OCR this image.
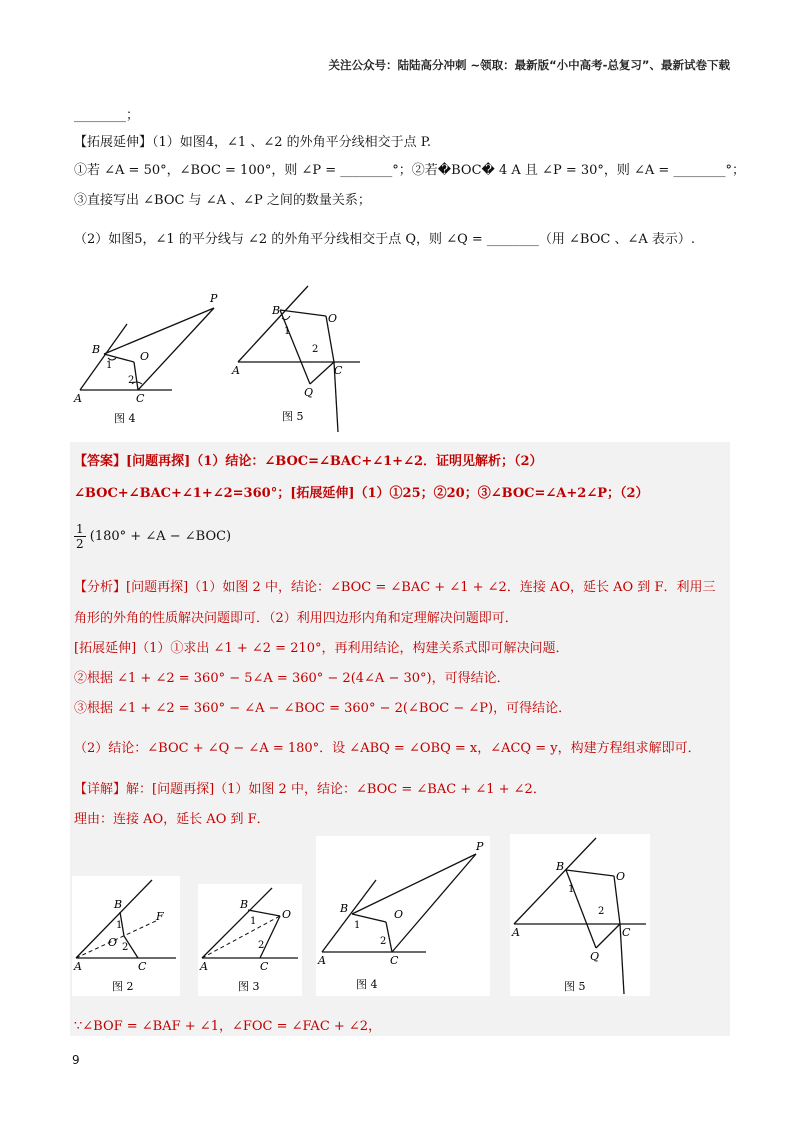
关注公众号：陆陆高分冲刺 ~领取：最新版“小中高考-总复习”、最新试卷下载
________；
【拓展延伸】（1）如图4，∠1 、∠2 的外角平分线相交于点 P.
①若 ∠A = 50°，∠BOC = 100°，则 ∠P = ________°；②若�BOC� 4 A 且 ∠P = 30°，则 ∠A = ________°；
③直接写出 ∠BOC 与 ∠A 、∠P 之间的数量关系；
（2）如图5，∠1 的平分线与 ∠2 的外角平分线相交于点 Q，则 ∠Q = ________（用 ∠BOC 、∠A 表示）.
A
B
C
O
P
1
2
图 4
A
B
C
O
Q
1
2
图 5
【答案】[问题再探]（1）结论：∠BOC=∠BAC+∠1+∠2．证明见解析；（2）
∠BOC+∠BAC+∠1+∠2=360°；[拓展延伸]（1）①25；②20；③∠BOC=∠A+2∠P；（2）
$\frac{1}{2} (180^\circ$ + ∠A − ∠BOC)
【分析】[问题再探]（1）如图 2 中，结论：∠BOC = ∠BAC + ∠1 + ∠2．连接 AO，延长 AO 到 F．利用三
角形的外角的性质解决问题即可．（2）利用四边形内角和定理解决问题即可．
[拓展延伸]（1）①求出 ∠1 + ∠2 = 210°，再利用结论，构建关系式即可解决问题．
②根据 ∠1 + ∠2 = 360° − 5∠A = 360° − 2(4∠A − 30°)，可得结论．
③根据 ∠1 + ∠2 = 360° − ∠A − ∠BOC = 360° − 2(∠BOC − ∠P)，可得结论．
（2）结论：∠BOC + ∠Q − ∠A = 180°．设 ∠ABQ = ∠OBQ = x，∠ACQ = y，构建方程组求解即可．
【详解】解：[问题再探]（1）如图 2 中，结论：∠BOC = ∠BAC + ∠1 + ∠2．
理由：连接 AO，延长 AO 到 F．
A
B
C
O
F
1
2
图 2
A
B
C
O
1
2
图 3
A
B
C
O
P
1
2
图 4
A
B
C
O
Q
1
2
图 5
∵∠BOF = ∠BAF + ∠1，∠FOC = ∠FAC + ∠2，
9
